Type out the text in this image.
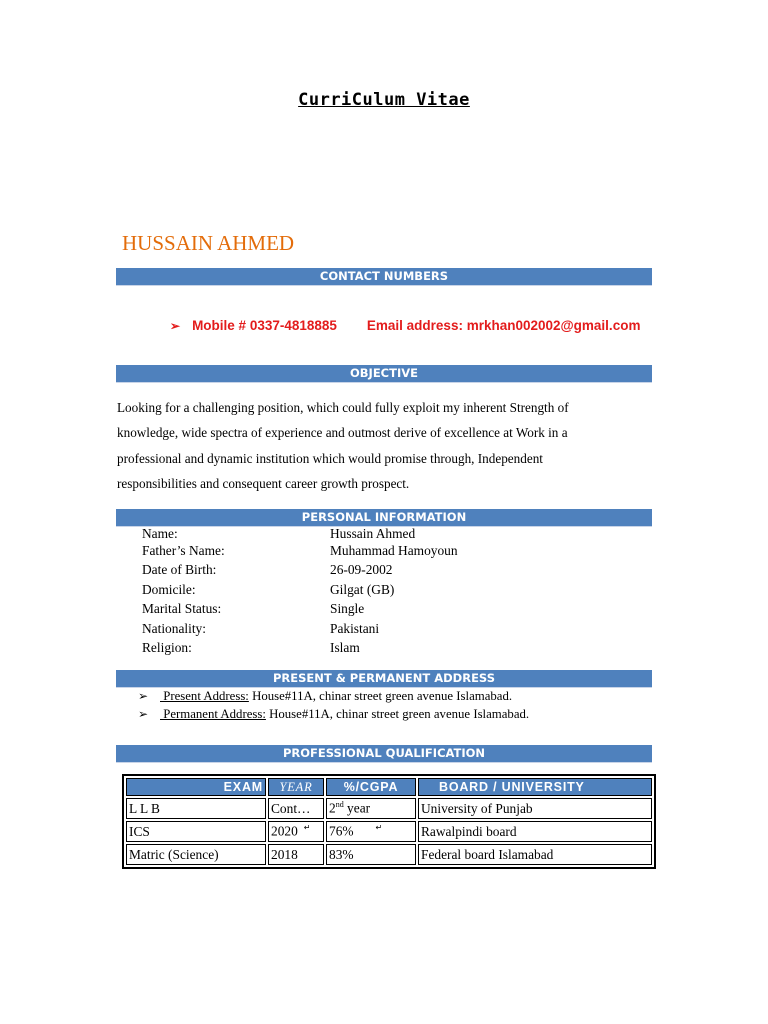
CurriCulum Vitae
HUSSAIN AHMED
CONTACT NUMBERS
➢ Mobile # 0337-4818885 Email address: mrkhan002002@gmail.com
OBJECTIVE
Looking for a challenging position, which could fully exploit my inherent Strength of knowledge, wide spectra of experience and outmost derive of excellence at Work in a professional and dynamic institution which would promise through, Independent responsibilities and consequent career growth prospect.
PERSONAL INFORMATION
Name:	Hussain Ahmed
Father’s Name:	Muhammad Hamoyoun
Date of Birth:	26-09-2002
Domicile:	Gilgat (GB)
Marital Status:	Single
Nationality:	Pakistani
Religion:	Islam
PRESENT & PERMANENT ADDRESS
➢ Present Address: House#11A, chinar street green avenue Islamabad.
➢ Permanent Address: House#11A, chinar street green avenue Islamabad.
PROFESSIONAL QUALIFICATION
EXAM	YEAR	%/CGPA	BOARD / UNIVERSITY
L L B	Cont…	2nd year	University of Punjab
ICS	2020 ↵	76% ↵	Rawalpindi board
Matric (Science)	2018	83%	Federal board Islamabad
